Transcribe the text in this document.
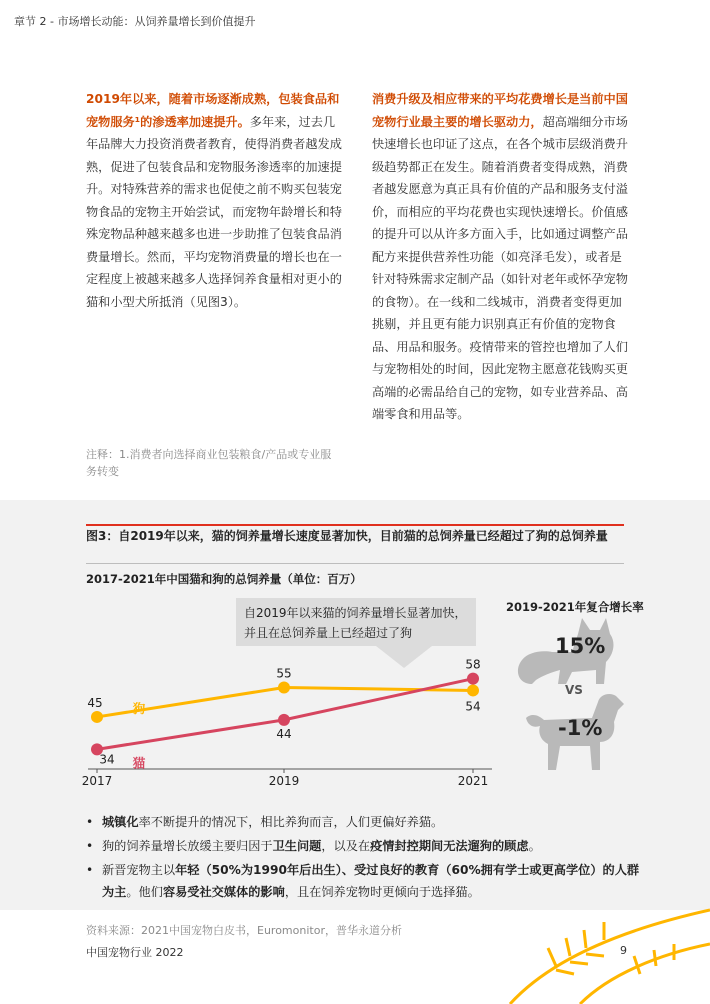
章节 2 - 市场增长动能：从饲养量增长到价值提升
2019年以来，随着市场逐渐成熟，包装食品和宠物服务¹的渗透率加速提升。多年来，过去几年品牌大力投资消费者教育，使得消费者越发成熟，促进了包装食品和宠物服务渗透率的加速提升。对特殊营养的需求也促使之前不购买包装宠物食品的宠物主开始尝试，而宠物年龄增长和特殊宠物品种越来越多也进一步助推了包装食品消费量增长。然而，平均宠物消费量的增长也在一定程度上被越来越多人选择饲养食量相对更小的猫和小型犬所抵消（见图3）。
消费升级及相应带来的平均花费增长是当前中国宠物行业最主要的增长驱动力，超高端细分市场快速增长也印证了这点，在各个城市层级消费升级趋势都正在发生。随着消费者变得成熟，消费者越发愿意为真正具有价值的产品和服务支付溢价，而相应的平均花费也实现快速增长。价值感的提升可以从许多方面入手，比如通过调整产品配方来提供营养性功能（如亮泽毛发），或者是针对特殊需求定制产品（如针对老年或怀孕宠物的食物）。在一线和二线城市，消费者变得更加挑剔，并且更有能力识别真正有价值的宠物食品、用品和服务。疫情带来的管控也增加了人们与宠物相处的时间，因此宠物主愿意花钱购买更高端的必需品给自己的宠物，如专业营养品、高端零食和用品等。
注释：1.消费者向选择商业包装粮食/产品或专业服务转变
图3：自2019年以来，猫的饲养量增长速度显著加快，目前猫的总饲养量已经超过了狗的总饲养量
2017-2021年中国猫和狗的总饲养量（单位：百万）
2019-2021年复合增长率
自2019年以来猫的饲养量增长显著加快，并且在总饲养量上已经超过了狗
2017	2019	2021
45
55
54
狗
34
44
58
猫
15%
VS
-1%
• 城镇化率不断提升的情况下，相比养狗而言，人们更偏好养猫。
• 狗的饲养量增长放缓主要归因于卫生问题，以及在疫情封控期间无法遛狗的顾虑。
• 新晋宠物主以年轻（50%为1990年后出生）、受过良好的教育（60%拥有学士或更高学位）的人群为主。他们容易受社交媒体的影响，且在饲养宠物时更倾向于选择猫。
资料来源：2021中国宠物白皮书，Euromonitor，普华永道分析
中国宠物行业 2022	9
